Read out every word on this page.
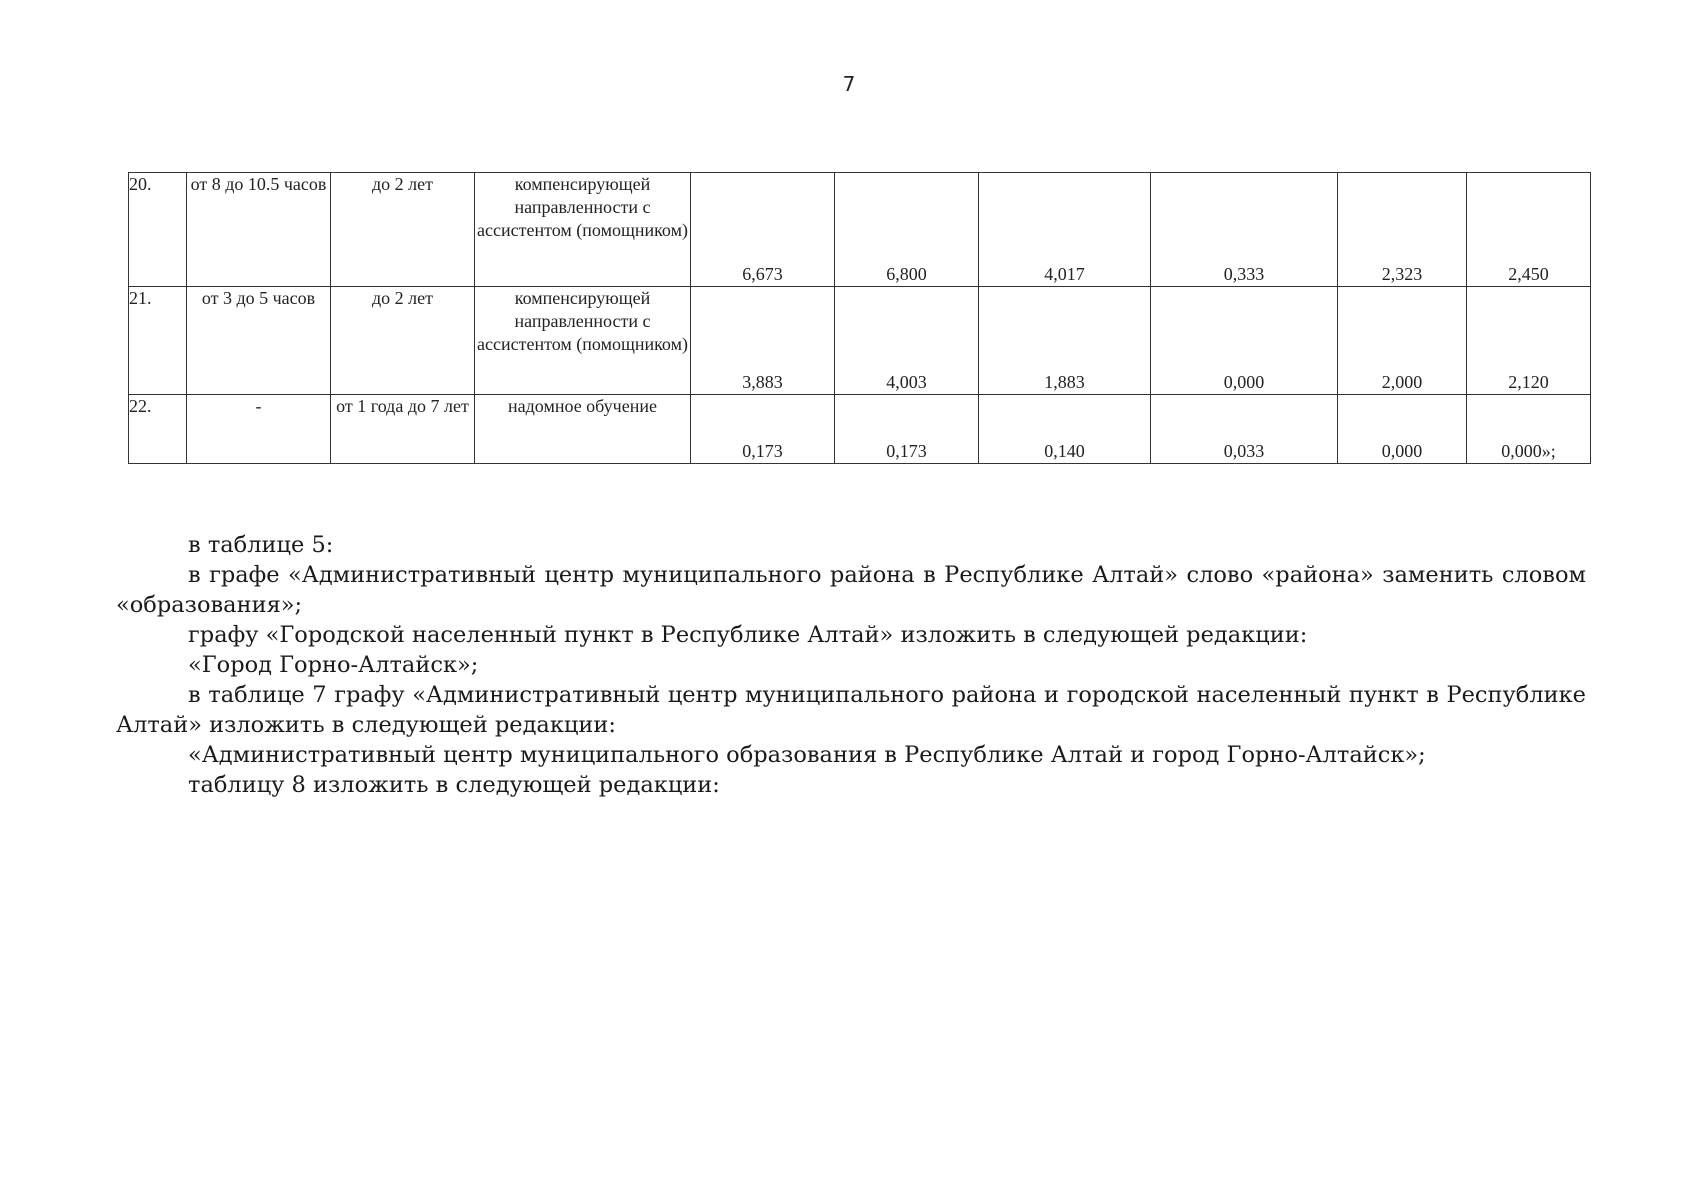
7
20.	от 8 до 10.5 часов	до 2 лет	компенсирующей направленности с ассистентом (помощником)	6,673	6,800	4,017	0,333	2,323	2,450
21.	от 3 до 5 часов	до 2 лет	компенсирующей направленности с ассистентом (помощником)	3,883	4,003	1,883	0,000	2,000	2,120
22.	-	от 1 года до 7 лет	надомное обучение	0,173	0,173	0,140	0,033	0,000	0,000»;

в таблице 5:

в графе «Административный центр муниципального района в Республике Алтай» слово «района» заменить словом «образования»;

графу «Городской населенный пункт в Республике Алтай» изложить в следующей редакции:

«Город Горно-Алтайск»;

в таблице 7 графу «Административный центр муниципального района и городской населенный пункт в Республике Алтай» изложить в следующей редакции:

«Административный центр муниципального образования в Республике Алтай и город Горно-Алтайск»;

таблицу 8 изложить в следующей редакции:
